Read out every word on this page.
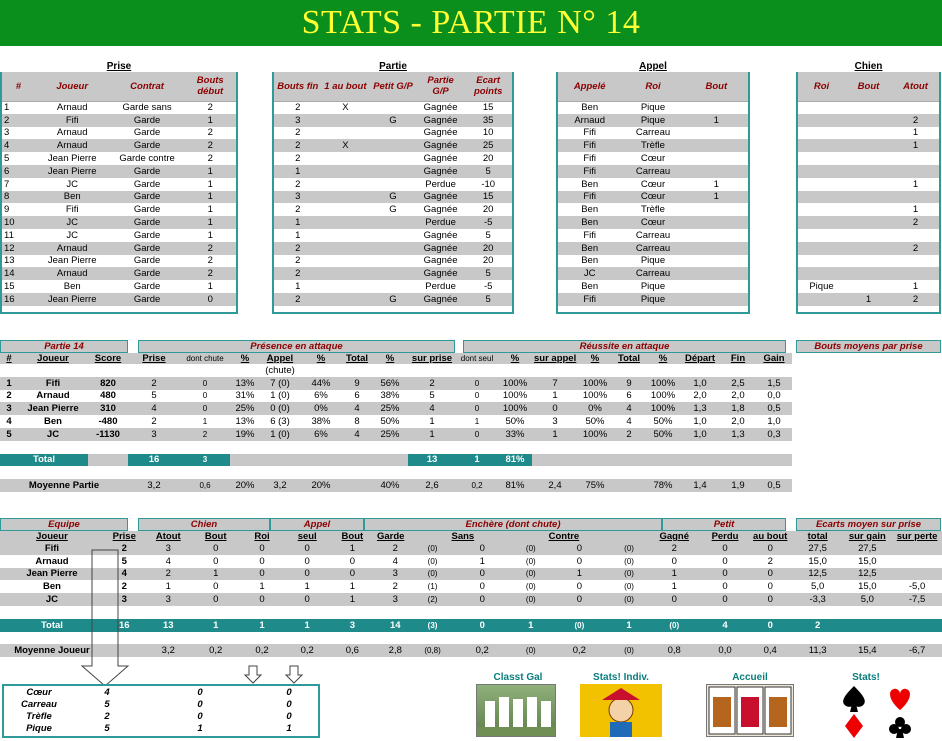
STATS - PARTIE N° 14
Prise	Partie	Appel	Chien
#	Joueur	Contrat	Bouts début
1	Arnaud	Garde sans	2
2	Fifi	Garde	1
3	Arnaud	Garde	2
4	Arnaud	Garde	2
5	Jean Pierre	Garde contre	2
6	Jean Pierre	Garde	1
7	JC	Garde	1
8	Ben	Garde	1
9	Fifi	Garde	1
10	JC	Garde	1
11	JC	Garde	1
12	Arnaud	Garde	2
13	Jean Pierre	Garde	2
14	Arnaud	Garde	2
15	Ben	Garde	1
16	Jean Pierre	Garde	0
Bouts fin	1 au bout	Petit G/P	Partie G/P	Ecart points
2	X		Gagnée	15
3		G	Gagnée	35
2			Gagnée	10
2	X		Gagnée	25
2			Gagnée	20
1			Gagnée	5
2			Perdue	-10
3		G	Gagnée	15
2		G	Gagnée	20
1			Perdue	-5
1			Gagnée	5
2			Gagnée	20
2			Gagnée	20
2			Gagnée	5
1			Perdue	-5
2		G	Gagnée	5
Appelé	Roi	Bout
Ben	Pique	
Arnaud	Pique	1
Fifi	Carreau	
Fifi	Trèfle	
Fifi	Cœur	
Fifi	Carreau	
Ben	Cœur	1
Fifi	Cœur	1
Ben	Trèfle	
Ben	Cœur	
Fifi	Carreau	
Ben	Carreau	
Ben	Pique	
JC	Carreau	
Ben	Pique	
Fifi	Pique	
Roi	Bout	Atout

		2
		1
		1

		1

		1
		2

		2

Pique		1
	1	2
Partie 14	Présence en attaque	Réussite en attaque	Bouts moyens par prise
#	Joueur	Score	Prise	dont chute	%	Appel	%	Total	%	sur prise	dont seul	%	sur appel	%	Total	%	Départ	Fin	Gain			
						(chute)																

1	Fifi	820	2	0	13%	7 (0)	44%	9	56%	2	0	100%	7	100%	9	100%	1,0	2,5	1,5			
2	Arnaud	480	5	0	31%	1 (0)	6%	6	38%	5	0	100%	1	100%	6	100%	2,0	2,0	0,0			
3	Jean Pierre	310	4	0	25%	0 (0)	0%	4	25%	4	0	100%	0	0%	4	100%	1,3	1,8	0,5			
4	Ben	-480	2	1	13%	6 (3)	38%	8	50%	1	1	50%	3	50%	4	50%	1,0	2,0	1,0			
5	JC	-1130	3	2	19%	1 (0)	6%	4	25%	1	0	33%	1	100%	2	50%	1,0	1,3	0,3			

Total			16	3						13	1	81%										

Moyenne Partie			3,2	0,6	20%	3,2	20%		40%	2,6	0,2	81%	2,4	75%		78%	1,4	1,9	0,5			
Equipe	Chien	Appel	Enchère (dont chute)	Petit	Ecarts moyen sur prise
Joueur	Prise	Atout	Bout	Roi	seul	Bout	Garde		Sans		Contre		Gagné	Perdu	au bout	total	sur gain	sur perte

Fifi	2	3	0	0	0	1	2	(0)	0	(0)	0	(0)	2	0	0	27,5	27,5	
Arnaud	5	4	0	0	0	0	4	(0)	1	(0)	0	(0)	0	0	2	15,0	15,0	
Jean Pierre	4	2	1	0	0	0	3	(0)	0	(0)	1	(0)	1	0	0	12,5	12,5	
Ben	2	1	0	1	1	1	2	(1)	0	(0)	0	(0)	1	0	0	5,0	15,0	-5,0
JC	3	3	0	0	0	1	3	(2)	0	(0)	0	(0)	0	0	0	-3,3	5,0	-7,5

Total	16	13	1	1	1	3	14	(3)	0	1	(0)	1	(0)	4	0	2		

Moyenne Joueur		3,2	0,2	0,2	0,2	0,6	2,8	(0,8)	0,2	(0)	0,2	(0)	0,8	0,0	0,4	11,3	15,4	-6,7
Cœur	4	0	0
Carreau	5	0	0
Trèfle	2	0	0
Pique	5	1	1
Classt Gal	Stats! Indiv.	Accueil	Stats!
